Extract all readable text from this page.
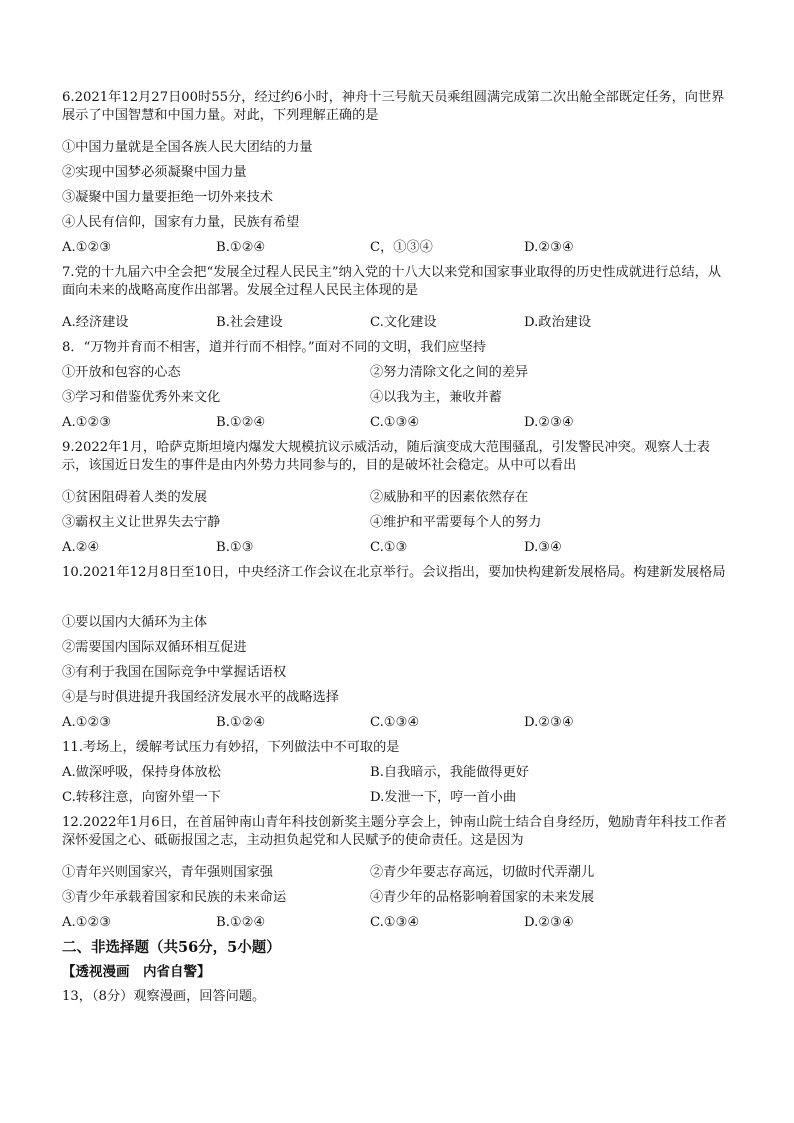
6.2021年12月27日00时55分，经过约6小时，神舟十三号航天员乘组圆满完成第二次出舱全部既定任务，向世界展示了中国智慧和中国力量。对此，下列理解正确的是
①中国力量就是全国各族人民大团结的力量
②实现中国梦必须凝聚中国力量
③凝聚中国力量要拒绝一切外来技术
④人民有信仰，国家有力量，民族有希望
A.①②③	B.①②④	C，①③④	D.②③④
7.党的十九届六中全会把“发展全过程人民民主”纳入党的十八大以来党和国家事业取得的历史性成就进行总结，从面向未来的战略高度作出部署。发展全过程人民民主体现的是
A.经济建设	B.社会建设	C.文化建设	D.政治建设
8．“万物并育而不相害，道并行而不相悖。”面对不同的文明，我们应坚持
①开放和包容的心态	②努力清除文化之间的差异
③学习和借鉴优秀外来文化	④以我为主，兼收并蓄
A.①②③	B.①②④	C.①③④	D.②③④
9.2022年1月，哈萨克斯坦境内爆发大规模抗议示威活动，随后演变成大范围骚乱，引发警民冲突。观察人士表示，该国近日发生的事件是由内外势力共同参与的，目的是破坏社会稳定。从中可以看出
①贫困阻碍着人类的发展	②威胁和平的因素依然存在
③霸权主义让世界失去宁静	④维护和平需要每个人的努力
A.②④	B.①③	C.①③	D.③④
10.2021年12月8日至10日，中央经济工作会议在北京举行。会议指出，要加快构建新发展格局。构建新发展格局
①要以国内大循环为主体
②需要国内国际双循环相互促进
③有利于我国在国际竞争中掌握话语权
④是与时俱进提升我国经济发展水平的战略选择
A.①②③	B.①②④	C.①③④	D.②③④
11.考场上，缓解考试压力有妙招，下列做法中不可取的是
A.做深呼吸，保持身体放松	B.自我暗示，我能做得更好
C.转移注意，向窗外望一下	D.发泄一下，哼一首小曲
12.2022年1月6日，在首届钟南山青年科技创新奖主题分享会上，钟南山院士结合自身经历，勉励青年科技工作者深怀爱国之心、砥砺报国之志，主动担负起党和人民赋予的使命责任。这是因为
①青年兴则国家兴，青年强则国家强	②青少年要志存高远，切做时代弄潮儿
③青少年承载着国家和民族的未来命运	④青少年的品格影响着国家的未来发展
A.①②③	B.①②④	C.①③④	D.②③④
二、非选择题（共56分，5小题）
【透视漫画　内省自警】
13，（8分）观察漫画，回答问题。
